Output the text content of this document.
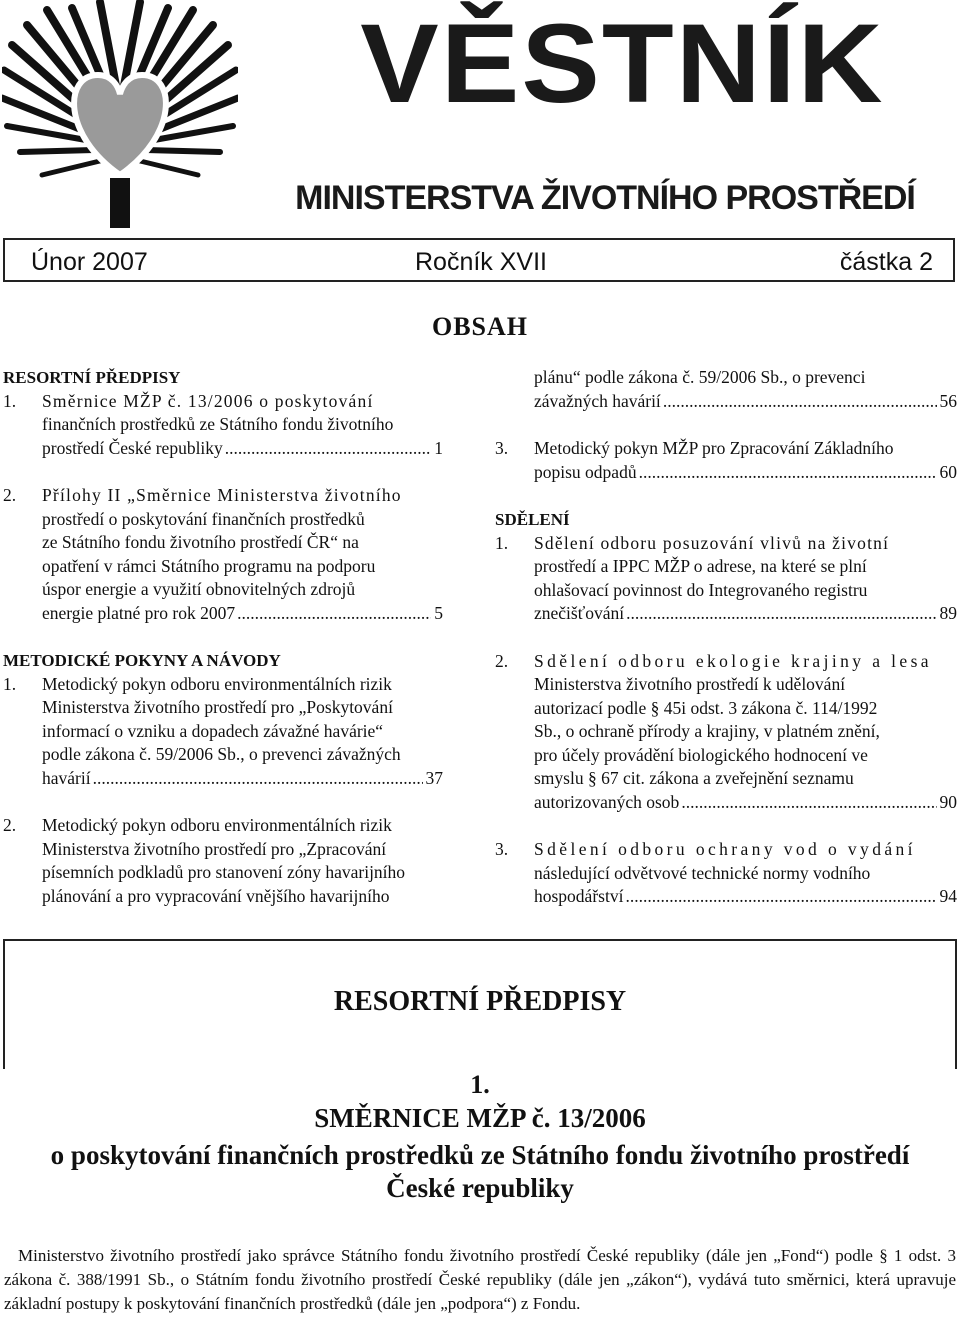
VĚSTNÍK
MINISTERSTVA ŽIVOTNÍHO PROSTŘEDÍ
Únor 2007	Ročník XVII	částka 2
OBSAH
RESORTNÍ PŘEDPISY
1. Směrnice MŽP č. 13/2006 o poskytování
finančních prostředků ze Státního fondu životního
prostředí České republiky .....	1
2. Přílohy II „Směrnice Ministerstva životního
prostředí o poskytování finančních prostředků
ze Státního fondu životního prostředí ČR“ na
opatření v rámci Státního programu na podporu
úspor energie a využití obnovitelných zdrojů
energie platné pro rok 2007 .....	5
METODICKÉ POKYNY A NÁVODY
1. Metodický pokyn odboru environmentálních rizik
Ministerstva životního prostředí pro „Poskytování
informací o vzniku a dopadech závažné havárie“
podle zákona č. 59/2006 Sb., o prevenci závažných
havárií .....	37
2. Metodický pokyn odboru environmentálních rizik
Ministerstva životního prostředí pro „Zpracování
písemních podkladů pro stanovení zóny havarijního
plánování a pro vypracování vnějšího havarijního
plánu“ podle zákona č. 59/2006 Sb., o prevenci
závažných havárií .....	56
3. Metodický pokyn MŽP pro Zpracování Základního
popisu odpadů .....	60
SDĚLENÍ
1. Sdělení odboru posuzování vlivů na životní
prostředí a IPPC MŽP o adrese, na které se plní
ohlašovací povinnost do Integrovaného registru
znečišťování .....	89
2. Sdělení odboru ekologie krajiny a lesa
Ministerstva životního prostředí k udělování
autorizací podle § 45i odst. 3 zákona č. 114/1992
Sb., o ochraně přírody a krajiny, v platném znění,
pro účely provádění biologického hodnocení ve
smyslu § 67 cit. zákona a zveřejnění seznamu
autorizovaných osob .....	90
3. Sdělení odboru ochrany vod o vydání
následující odvětvové technické normy vodního
hospodářství .....	94
RESORTNÍ PŘEDPISY
1.
SMĚRNICE MŽP č. 13/2006
o poskytování finančních prostředků ze Státního fondu životního prostředí
České republiky
Ministerstvo životního prostředí jako správce Státního fondu životního prostředí České republiky (dále jen „Fond“) podle § 1 odst. 3 zákona č. 388/1991 Sb., o Státním fondu životního prostředí České republiky (dále jen „zákon“), vydává tuto směrnici, která upravuje základní postupy k poskytování finančních prostředků (dále jen „podpora“) z Fondu.
